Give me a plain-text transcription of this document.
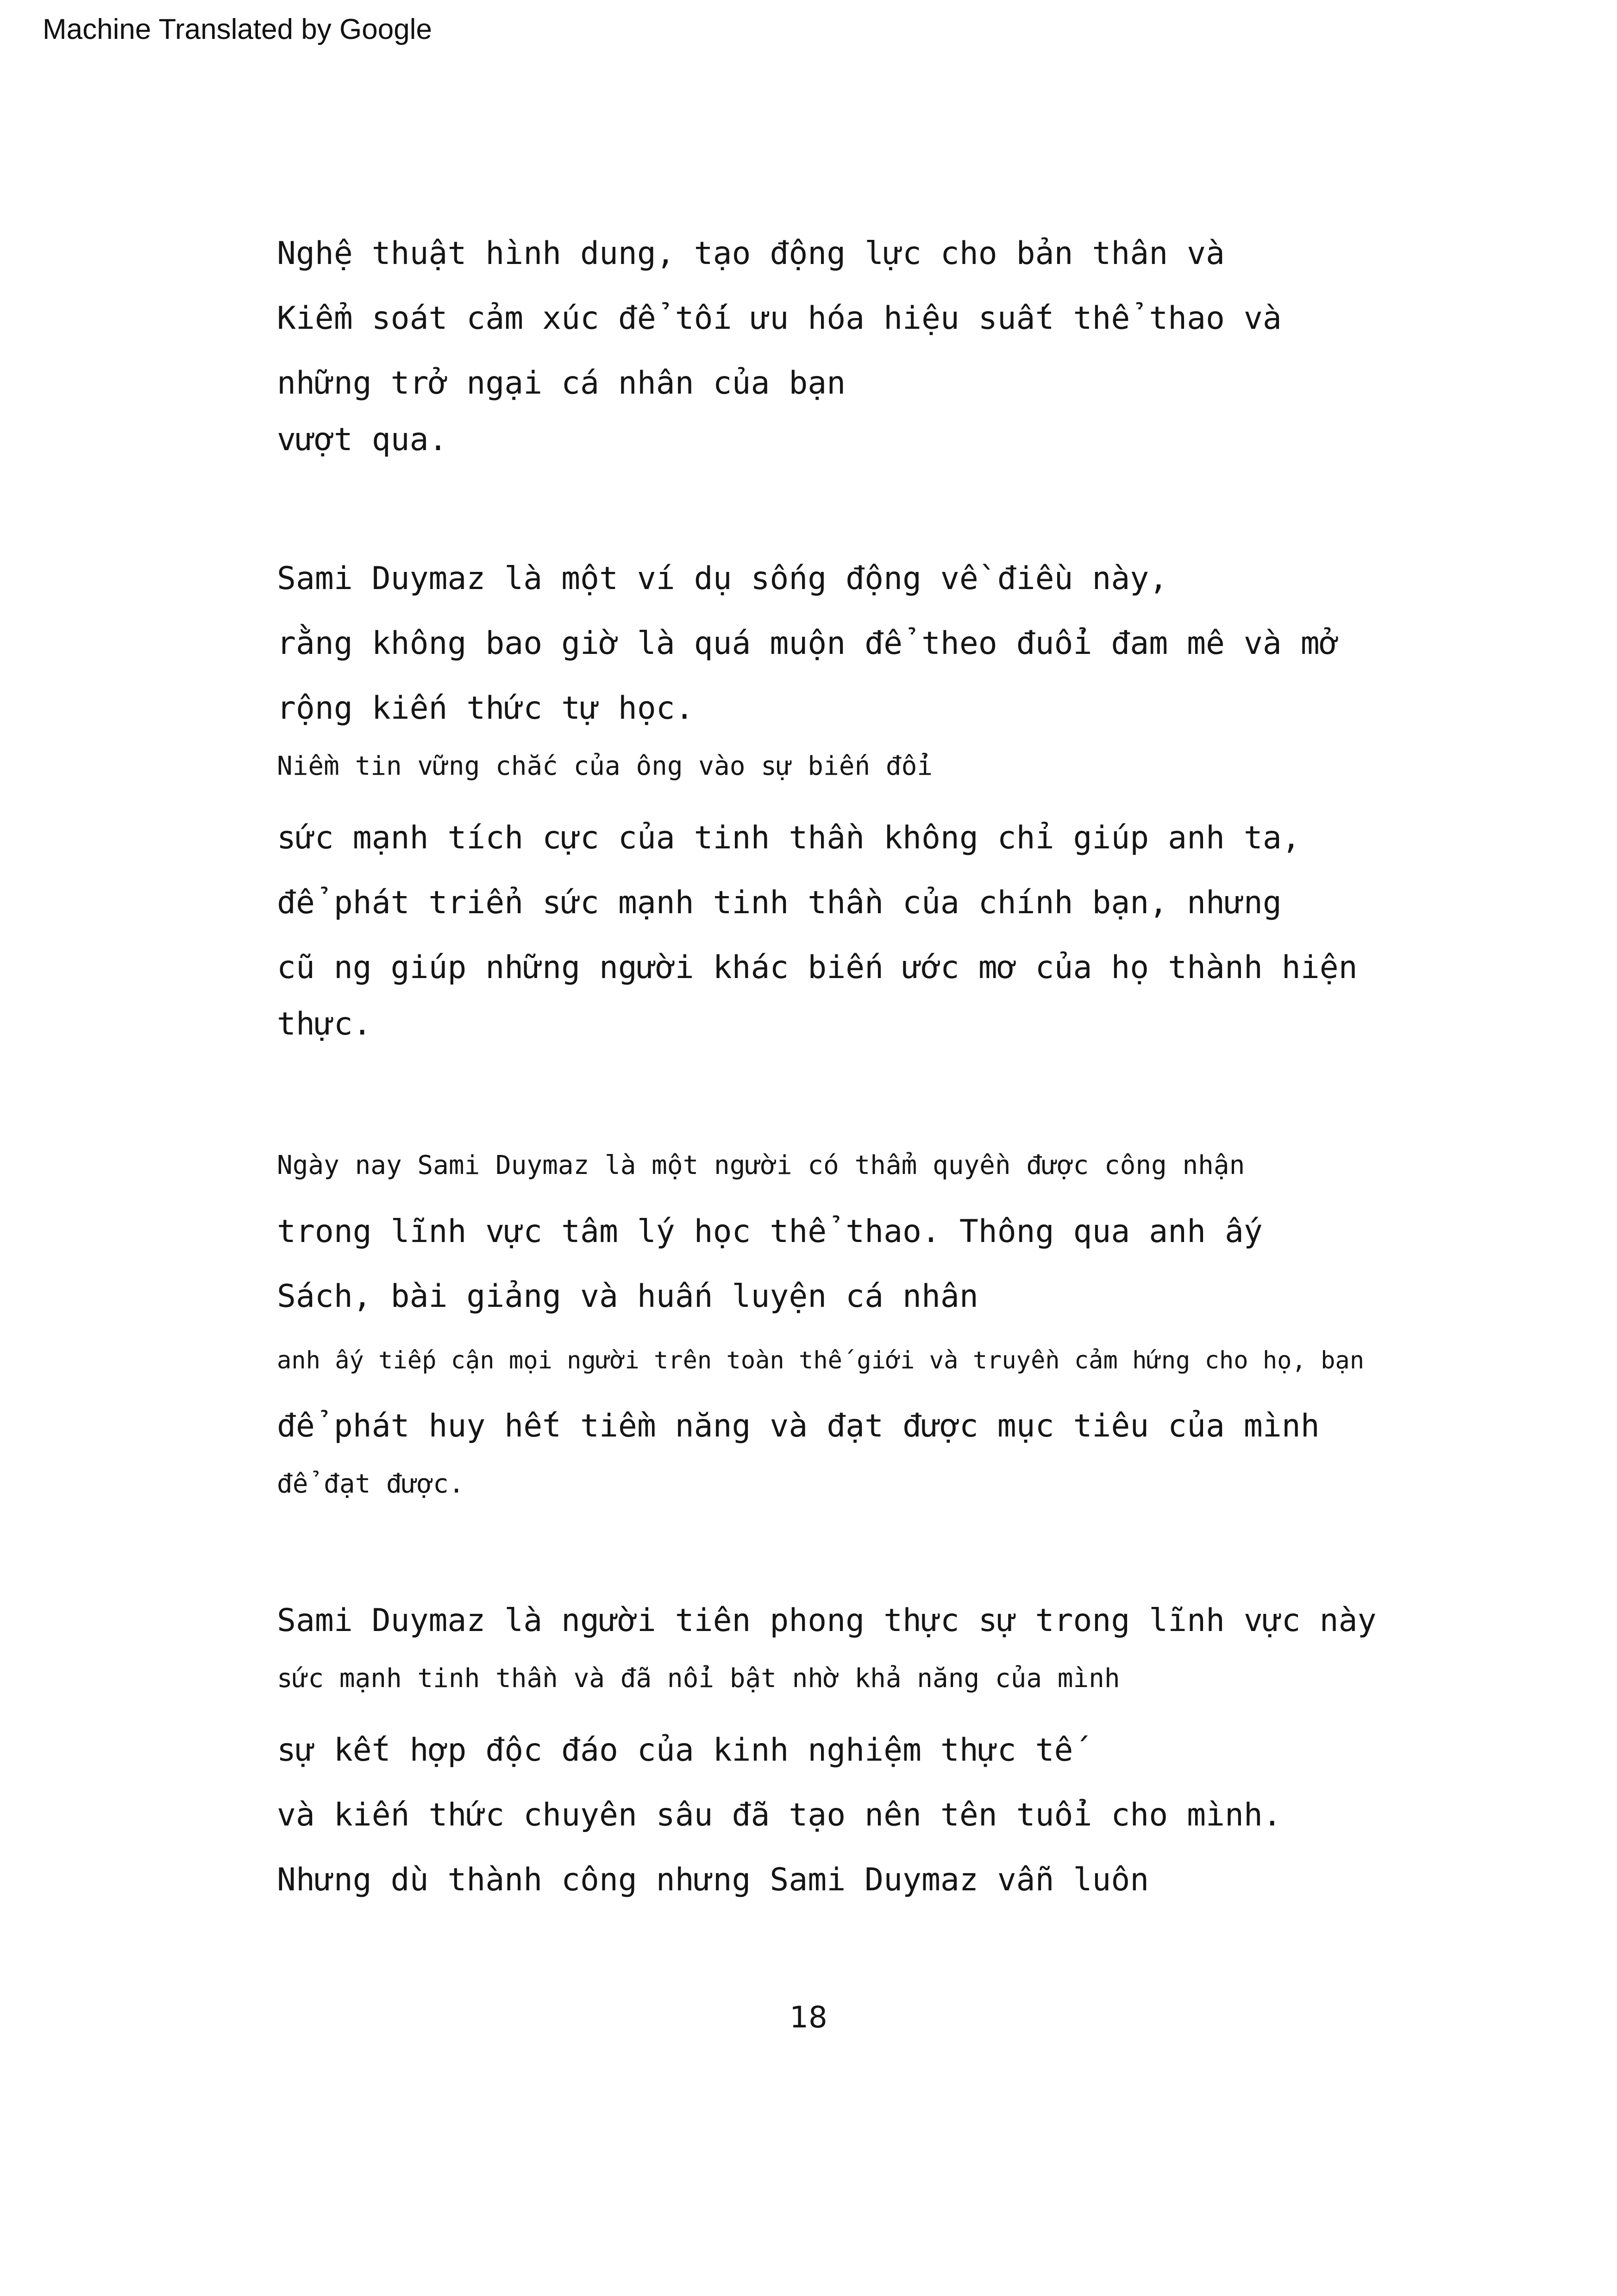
Machine Translated by Google
Nghệ thuật hình dung, tạo động lực cho bản thân và
Kiểm soát cảm xúc để tối ưu hóa hiệu suất thể thao và
những trở ngại cá nhân của bạn
vượt qua.
Sami Duymaz là một ví dụ sống động về điều này,
rằng không bao giờ là quá muộn để theo đuổi đam mê và mở
rộng kiến thức tự học.
Niềm tin vững chắc của ông vào sự biến đổi
sức mạnh tích cực của tinh thần không chỉ giúp anh ta,
để phát triển sức mạnh tinh thần của chính bạn, nhưng
cũ ng giúp những người khác biến ước mơ của họ thành hiện
thực.
Ngày nay Sami Duymaz là một người có thẩm quyền được công nhận
trong lĩnh vực tâm lý học thể thao. Thông qua anh ấy
Sách, bài giảng và huấn luyện cá nhân
anh ấy tiếp cận mọi người trên toàn thế giới và truyền cảm hứng cho họ, bạn
để phát huy hết tiềm năng và đạt được mục tiêu của mình
để đạt được.
Sami Duymaz là người tiên phong thực sự trong lĩnh vực này
sức mạnh tinh thần và đã nổi bật nhờ khả năng của mình
sự kết hợp độc đáo của kinh nghiệm thực tế
và kiến thức chuyên sâu đã tạo nên tên tuổi cho mình.
Nhưng dù thành công nhưng Sami Duymaz vẫn luôn
18
